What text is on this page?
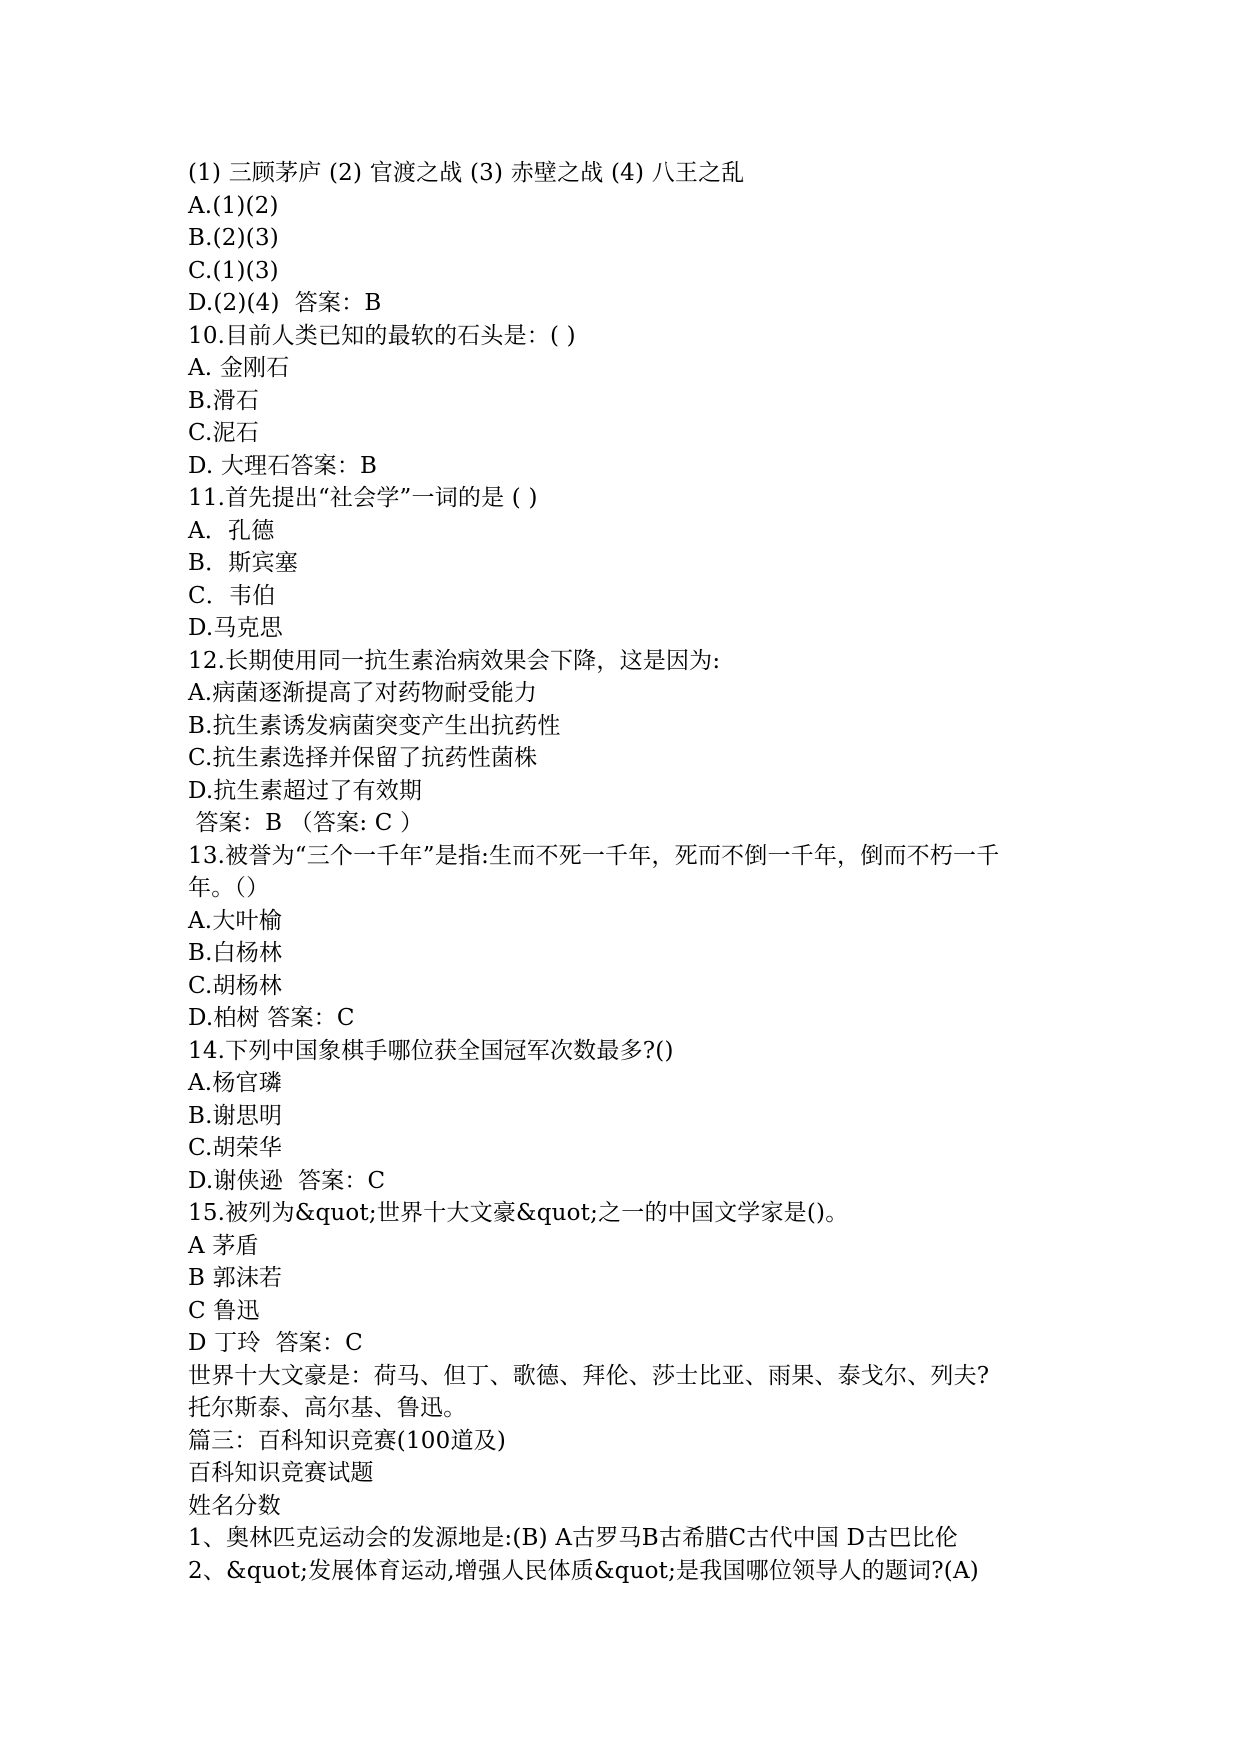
(1) 三顾茅庐 (2) 官渡之战 (3) 赤壁之战 (4) 八王之乱
A.(1)(2)
B.(2)(3)
C.(1)(3)
D.(2)(4)  答案：B
10.目前人类已知的最软的石头是：( )
A. 金刚石
B.滑石
C.泥石
D. 大理石答案：B
11.首先提出“社会学”一词的是 ( )
A．孔德
B．斯宾塞
C．韦伯
D.马克思
12.长期使用同一抗生素治病效果会下降，这是因为:
A.病菌逐渐提高了对药物耐受能力
B.抗生素诱发病菌突变产生出抗药性
C.抗生素选择并保留了抗药性菌株
D.抗生素超过了有效期
答案：B （答案: C ）
13.被誉为“三个一千年”是指:生而不死一千年，死而不倒一千年，倒而不朽一千
年。（）
A.大叶榆
B.白杨林
C.胡杨林
D.柏树 答案：C
14.下列中国象棋手哪位获全国冠军次数最多?()
A.杨官璘
B.谢思明
C.胡荣华
D.谢侠逊  答案：C
15.被列为&quot;世界十大文豪&quot;之一的中国文学家是()。
A 茅盾
B 郭沫若
C 鲁迅
D 丁玲  答案：C
世界十大文豪是：荷马、但丁、歌德、拜伦、莎士比亚、雨果、泰戈尔、列夫?
托尔斯泰、高尔基、鲁迅。
篇三：百科知识竞赛(100道及)
百科知识竞赛试题
姓名分数
1、奥林匹克运动会的发源地是:(B) A古罗马B古希腊C古代中国 D古巴比伦
2、&quot;发展体育运动,增强人民体质&quot;是我国哪位领导人的题词?(A)
